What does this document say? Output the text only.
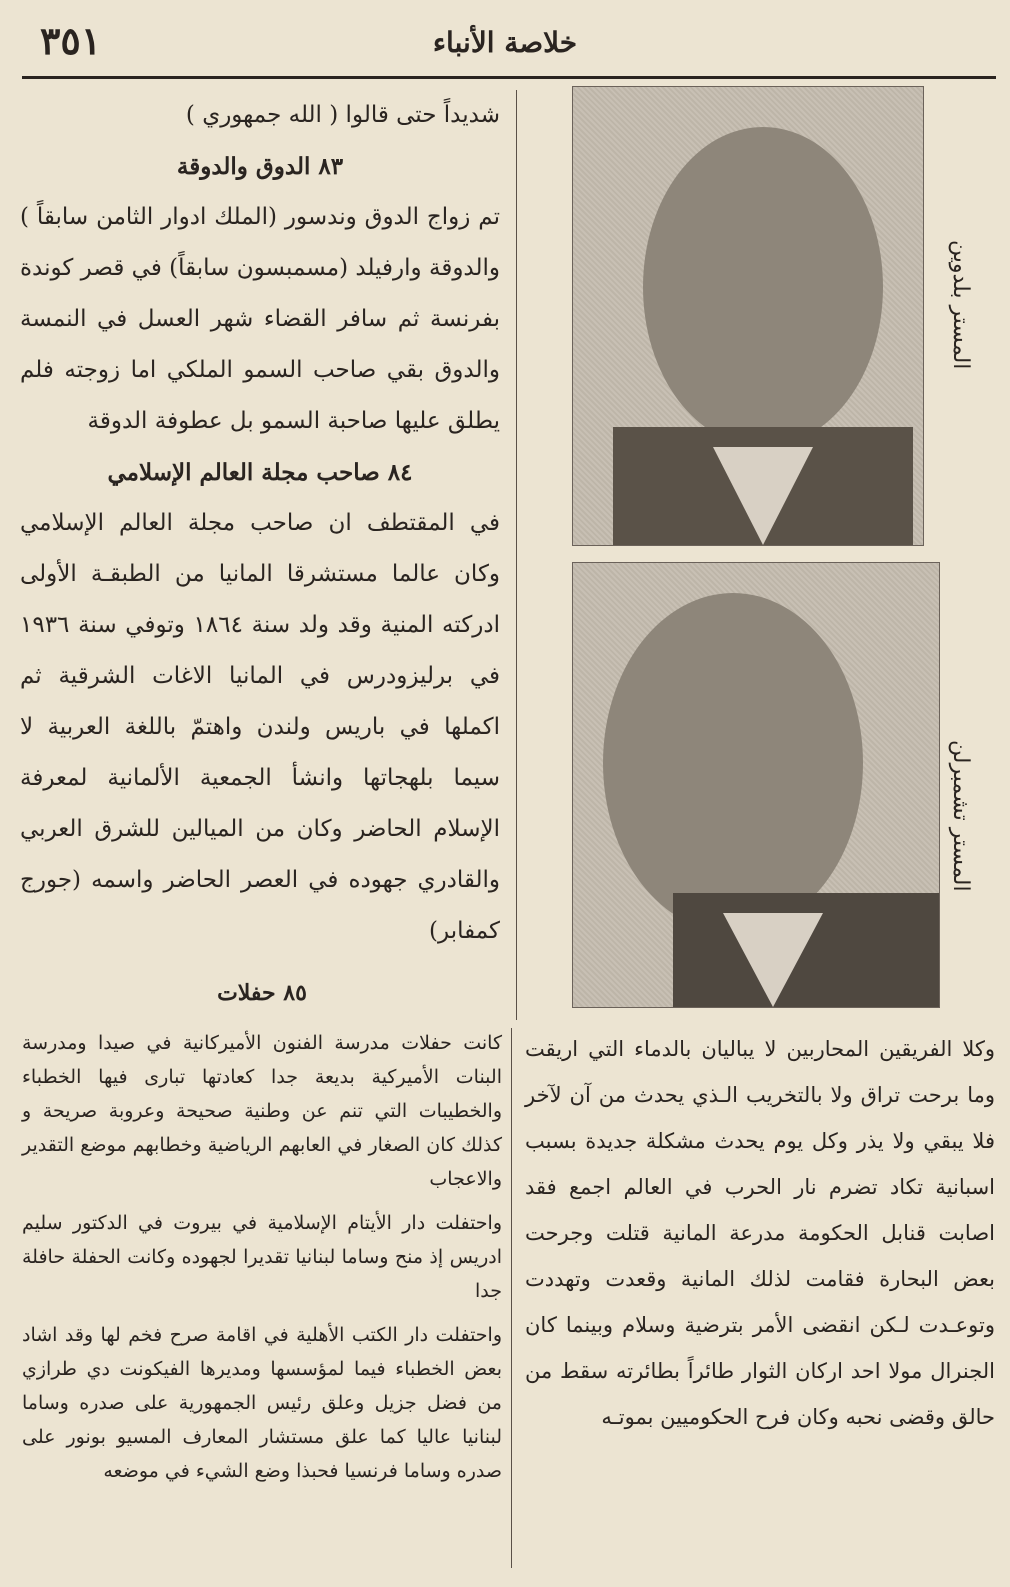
٣٥١	خلاصة الأنباء

شديداً حتى قالوا ( الله جمهوري )

٨٣ الدوق والدوقة

تم زواج الدوق وندسور (الملك ادوار الثامن سابقاً ) والدوقة وارفيلد (مسمبسون سابقاً) في قصر كوندة بفرنسة ثم سافر القضاء شهر العسل في النمسة والدوق بقي صاحب السمو الملكي اما زوجته فلم يطلق عليها صاحبة السمو بل عطوفة الدوقة

٨٤ صاحب مجلة العالم الإسلامي

في المقتطف ان صاحب مجلة العالم الإسلامي وكان عالما مستشرقا المانيا من الطبقـة الأولى ادركته المنية وقد ولد سنة ١٨٦٤ وتوفي سنة ١٩٣٦ في برليزودرس في المانيا الاغات الشرقية ثم اكملها في باريس ولندن واهتمّ باللغة العربية لا سيما بلهجاتها وانشأ الجمعية الألمانية لمعرفة الإسلام الحاضر وكان من الميالين للشرق العربي والقادري جهوده في العصر الحاضر واسمه (جورج كمفابر)

٨٥ حفلات

كانت حفلات مدرسة الفنون الأميركانية في صيدا ومدرسة البنات الأميركية بديعة جدا كعادتها تبارى فيها الخطباء والخطيبات التي تنم عن وطنية صحيحة وعروبة صريحة و كذلك كان الصغار في العابهم الرياضية وخطابهم موضع التقدير والاعجاب

واحتفلت دار الأيتام الإسلامية في بيروت في الدكتور سليم ادريس إذ منح وساما لبنانيا تقديرا لجهوده وكانت الحفلة حافلة جدا

واحتفلت دار الكتب الأهلية في اقامة صرح فخم لها وقد اشاد بعض الخطباء فيما لمؤسسها ومديرها الفيكونت دي طرازي من فضل جزيل وعلق رئيس الجمهورية على صدره وساما لبنانيا عاليا كما علق مستشار المعارف المسيو بونور على صدره وساما فرنسيا فحبذا وضع الشيء في موضعه

وكلا الفريقين المحاربين لا يباليان بالدماء التي اريقت وما برحت تراق ولا بالتخريب الـذي يحدث من آن لآخر فلا يبقي ولا يذر وكل يوم يحدث مشكلة جديدة بسبب اسبانية تكاد تضرم نار الحرب في العالم اجمع فقد اصابت قنابل الحكومة مدرعة المانية قتلت وجرحت بعض البحارة فقامت لذلك المانية وقعدت وتهددت وتوعـدت لـكن انقضى الأمر بترضية وسلام وبينما كان الجنرال مولا احد اركان الثوار طائراً بطائرته سقط من حالق وقضى نحبه وكان فرح الحكوميين بموتـه

المستر بلدوين
المستر تشمبرلن
